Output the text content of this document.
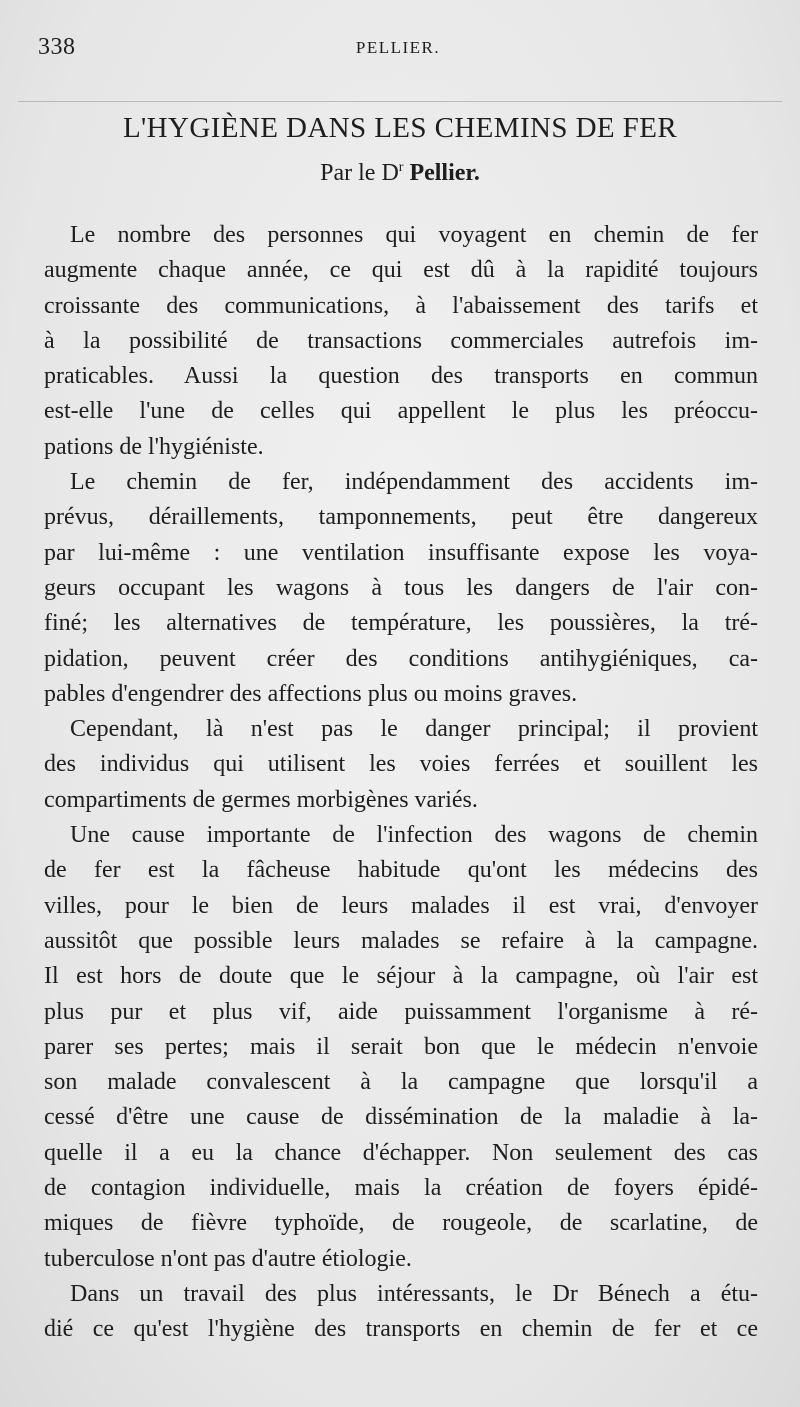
338	PELLIER.
L'HYGIÈNE DANS LES CHEMINS DE FER
Par le $D^r$ Pellier.

Le nombre des personnes qui voyagent en chemin de fer

augmente chaque année, ce qui est dû à la rapidité toujours

croissante des communications, à l'abaissement des tarifs et

à la possibilité de transactions commerciales autrefois im-

praticables. Aussi la question des transports en commun

est-elle l'une de celles qui appellent le plus les préoccu-

pations de l'hygiéniste.

Le chemin de fer, indépendamment des accidents im-

prévus, déraillements, tamponnements, peut être dangereux

par lui-même : une ventilation insuffisante expose les voya-

geurs occupant les wagons à tous les dangers de l'air con-

finé; les alternatives de température, les poussières, la tré-

pidation, peuvent créer des conditions antihygiéniques, ca-

pables d'engendrer des affections plus ou moins graves.

Cependant, là n'est pas le danger principal; il provient

des individus qui utilisent les voies ferrées et souillent les

compartiments de germes morbigènes variés.

Une cause importante de l'infection des wagons de chemin

de fer est la fâcheuse habitude qu'ont les médecins des

villes, pour le bien de leurs malades il est vrai, d'envoyer

aussitôt que possible leurs malades se refaire à la campagne.

Il est hors de doute que le séjour à la campagne, où l'air est

plus pur et plus vif, aide puissamment l'organisme à ré-

parer ses pertes; mais il serait bon que le médecin n'envoie

son malade convalescent à la campagne que lorsqu'il a

cessé d'être une cause de dissémination de la maladie à la-

quelle il a eu la chance d'échapper. Non seulement des cas

de contagion individuelle, mais la création de foyers épidé-

miques de fièvre typhoïde, de rougeole, de scarlatine, de

tuberculose n'ont pas d'autre étiologie.

Dans un travail des plus intéressants, le Dr Bénech a étu-

dié ce qu'est l'hygiène des transports en chemin de fer et ce
